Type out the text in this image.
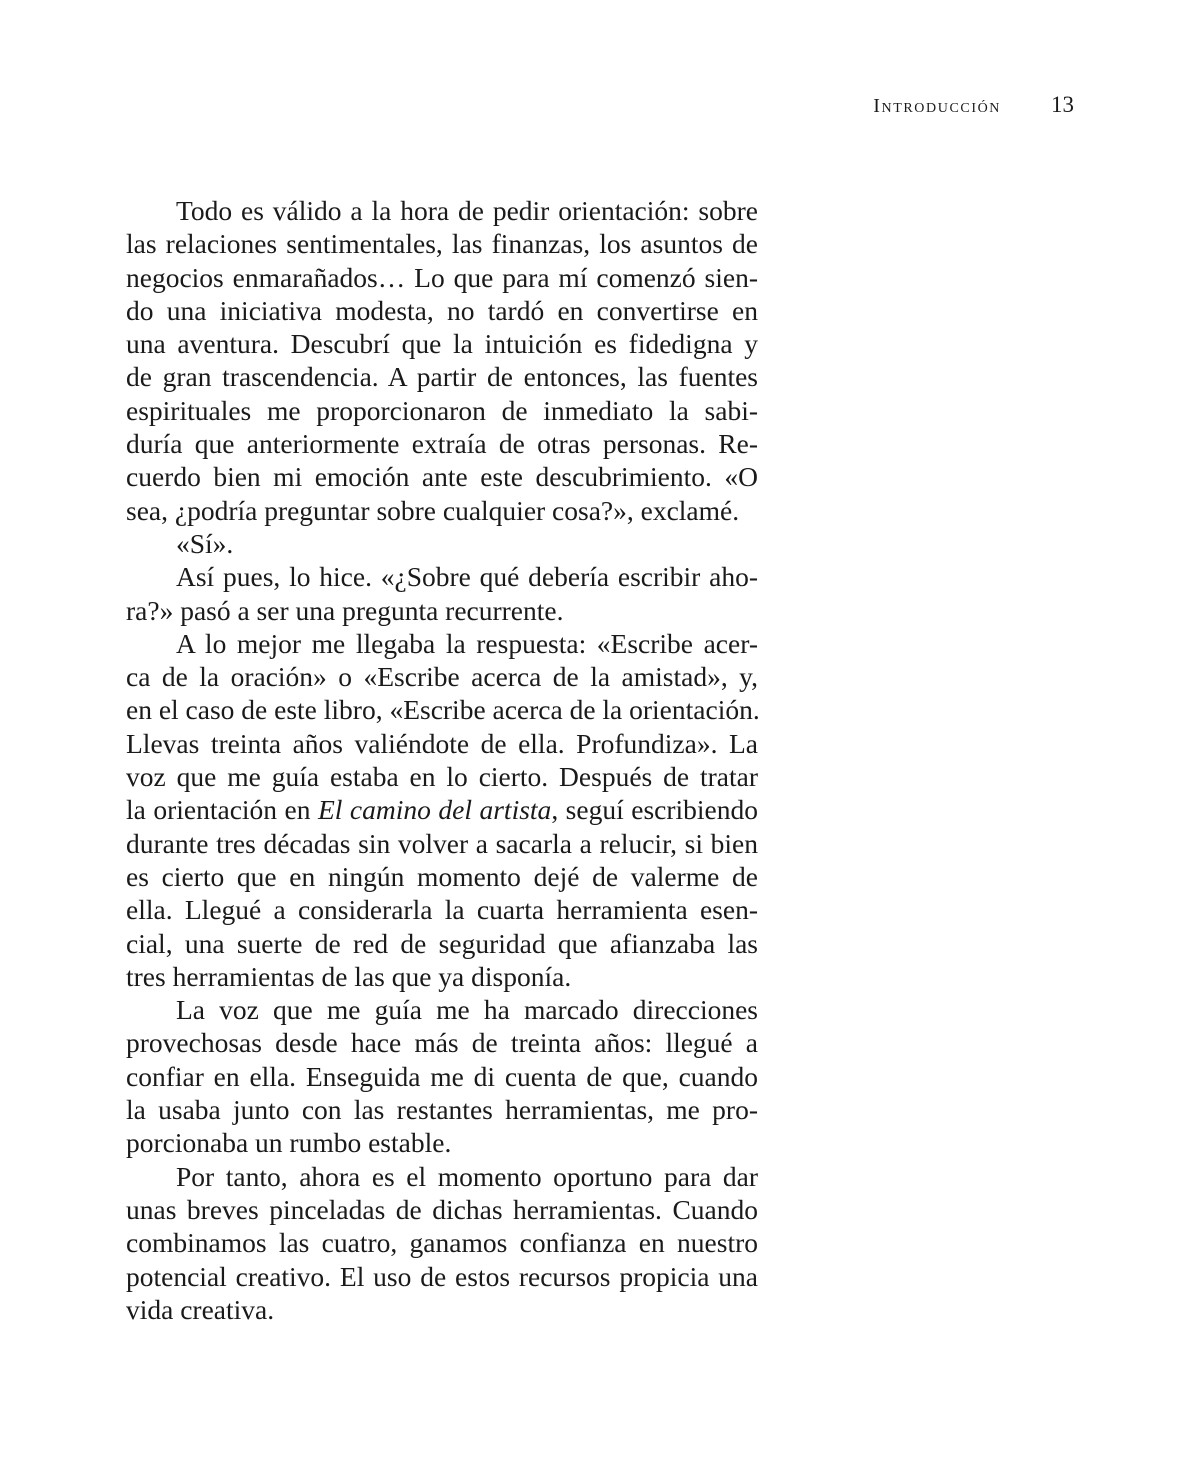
Introducción 13
Todo es válido a la hora de pedir orientación: sobre
las relaciones sentimentales, las finanzas, los asuntos de
negocios enmarañados… Lo que para mí comenzó sien-
do una iniciativa modesta, no tardó en convertirse en
una aventura. Descubrí que la intuición es fidedigna y
de gran trascendencia. A partir de entonces, las fuentes
espirituales me proporcionaron de inmediato la sabi-
duría que anteriormente extraía de otras personas. Re-
cuerdo bien mi emoción ante este descubrimiento. «O
sea, ¿podría preguntar sobre cualquier cosa?», exclamé.
«Sí».
Así pues, lo hice. «¿Sobre qué debería escribir aho-
ra?» pasó a ser una pregunta recurrente.
A lo mejor me llegaba la respuesta: «Escribe acer-
ca de la oración» o «Escribe acerca de la amistad», y,
en el caso de este libro, «Escribe acerca de la orientación.
Llevas treinta años valiéndote de ella. Profundiza». La
voz que me guía estaba en lo cierto. Después de tratar
la orientación en El camino del artista, seguí escribiendo
durante tres décadas sin volver a sacarla a relucir, si bien
es cierto que en ningún momento dejé de valerme de
ella. Llegué a considerarla la cuarta herramienta esen-
cial, una suerte de red de seguridad que afianzaba las
tres herramientas de las que ya disponía.
La voz que me guía me ha marcado direcciones
provechosas desde hace más de treinta años: llegué a
confiar en ella. Enseguida me di cuenta de que, cuando
la usaba junto con las restantes herramientas, me pro-
porcionaba un rumbo estable.
Por tanto, ahora es el momento oportuno para dar
unas breves pinceladas de dichas herramientas. Cuando
combinamos las cuatro, ganamos confianza en nuestro
potencial creativo. El uso de estos recursos propicia una
vida creativa.
